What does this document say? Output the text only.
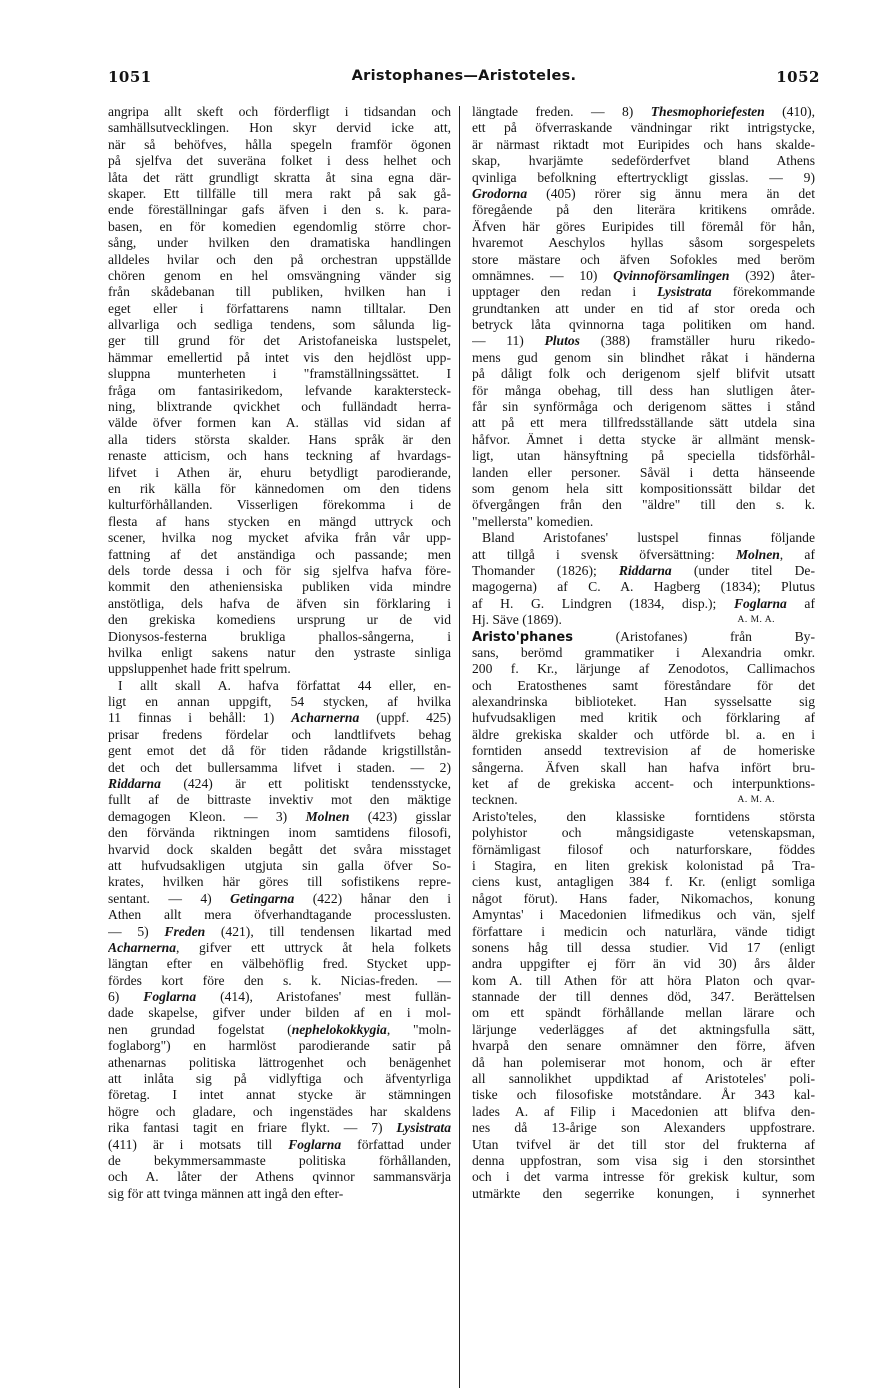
1051	Aristophanes—Aristoteles.	1052
angripa allt skeft och förderfligt i tidsandan och
samhällsutvecklingen. Hon skyr dervid icke att,
när så behöfves, hålla spegeln framför ögonen
på sjelfva det suveräna folket i dess helhet och
låta det rätt grundligt skratta åt sina egna där-
skaper. Ett tillfälle till mera rakt på sak gå-
ende föreställningar gafs äfven i den s. k. para-
basen, en för komedien egendomlig större chor-
sång, under hvilken den dramatiska handlingen
alldeles hvilar och den på orchestran uppställde
chören genom en hel omsvängning vänder sig
från skådebanan till publiken, hvilken han i
eget eller i författarens namn tilltalar. Den
allvarliga och sedliga tendens, som sålunda lig-
ger till grund för det Aristofaneiska lustspelet,
hämmar emellertid på intet vis den hejdlöst upp-
sluppna munterheten i "framställningssättet. I
fråga om fantasirikedom, lefvande karaktersteck-
ning, blixtrande qvickhet och fulländadt herra-
välde öfver formen kan A. ställas vid sidan af
alla tiders största skalder. Hans språk är den
renaste atticism, och hans teckning af hvardags-
lifvet i Athen är, ehuru betydligt parodierande,
en rik källa för kännedomen om den tidens
kulturförhållanden. Visserligen förekomma i de
flesta af hans stycken en mängd uttryck och
scener, hvilka nog mycket afvika från vår upp-
fattning af det anständiga och passande; men
dels torde dessa i och för sig sjelfva hafva före-
kommit den atheniensiska publiken vida mindre
anstötliga, dels hafva de äfven sin förklaring i
den grekiska komediens ursprung ur de vid
Dionysos-festerna brukliga phallos-sångerna, i
hvilka enligt sakens natur den ystraste sinliga
uppsluppenhet hade fritt spelrum.
I allt skall A. hafva författat 44 eller, en-
ligt en annan uppgift, 54 stycken, af hvilka
11 finnas i behåll: 1) Acharnerna (uppf. 425)
prisar fredens fördelar och landtlifvets behag
gent emot det då för tiden rådande krigstillstån-
det och det bullersamma lifvet i staden. — 2)
Riddarna (424) är ett politiskt tendensstycke,
fullt af de bittraste invektiv mot den mäktige
demagogen Kleon. — 3) Molnen (423) gisslar
den förvända riktningen inom samtidens filosofi,
hvarvid dock skalden begått det svåra misstaget
att hufvudsakligen utgjuta sin galla öfver So-
krates, hvilken här göres till sofistikens repre-
sentant. — 4) Getingarna (422) hånar den i
Athen allt mera öfverhandtagande processlusten.
— 5) Freden (421), till tendensen likartad med
Acharnerna, gifver ett uttryck åt hela folkets
längtan efter en välbehöflig fred. Stycket upp-
fördes kort före den s. k. Nicias-freden. —
6) Foglarna (414), Aristofanes' mest fullän-
dade skapelse, gifver under bilden af en i mol-
nen grundad fogelstat (nephelokokkygia, "moln-
foglaborg") en harmlöst parodierande satir på
athenarnas politiska lättrogenhet och benägenhet
att inlåta sig på vidlyftiga och äfventyrliga
företag. I intet annat stycke är stämningen
högre och gladare, och ingenstädes har skaldens
rika fantasi tagit en friare flykt. — 7) Lysistrata
(411) är i motsats till Foglarna författad under
de bekymmersammaste politiska förhållanden,
och A. låter der Athens qvinnor sammansvärja
sig för att tvinga männen att ingå den efter-
längtade freden. — 8) Thesmophoriefesten (410),
ett på öfverraskande vändningar rikt intrigstycke,
är närmast riktadt mot Euripides och hans skalde-
skap, hvarjämte sedeförderfvet bland Athens
qvinliga befolkning eftertryckligt gisslas. — 9)
Grodorna (405) rörer sig ännu mera än det
föregående på den literära kritikens område.
Äfven här göres Euripides till föremål för hån,
hvaremot Aeschylos hyllas såsom sorgespelets
store mästare och äfven Sofokles med beröm
omnämnes. — 10) Qvinnoförsamlingen (392) åter-
upptager den redan i Lysistrata förekommande
grundtanken att under en tid af stor oreda och
betryck låta qvinnorna taga politiken om hand.
— 11) Plutos (388) framställer huru rikedo-
mens gud genom sin blindhet råkat i händerna
på dåligt folk och derigenom sjelf blifvit utsatt
för många obehag, till dess han slutligen åter-
får sin synförmåga och derigenom sättes i stånd
att på ett mera tillfredsställande sätt utdela sina
håfvor. Ämnet i detta stycke är allmänt mensk-
ligt, utan hänsyftning på speciella tidsförhål-
landen eller personer. Såväl i detta hänseende
som genom hela sitt kompositionssätt bildar det
öfvergången från den "äldre" till den s. k.
"mellersta" komedien.
Bland Aristofanes' lustspel finnas följande
att tillgå i svensk öfversättning: Molnen, af
Thomander (1826); Riddarna (under titel De-
magogerna) af C. A. Hagberg (1834); Plutus
af H. G. Lindgren (1834, disp.); Foglarna af
Hj. Säve (1869).	A. M. A.
Aristo'phanes (Aristofanes) från By-
sans, berömd grammatiker i Alexandria omkr.
200 f. Kr., lärjunge af Zenodotos, Callimachos
och Eratosthenes samt föreståndare för det
alexandrinska biblioteket. Han sysselsatte sig
hufvudsakligen med kritik och förklaring af
äldre grekiska skalder och utförde bl. a. en i
forntiden ansedd textrevision af de homeriske
sångerna. Äfven skall han hafva infört bru-
ket af de grekiska accent- och interpunktions-
tecknen.	A. M. A.
Aristo'teles, den klassiske forntidens största
polyhistor och mångsidigaste vetenskapsman,
förnämligast filosof och naturforskare, föddes
i Stagira, en liten grekisk kolonistad på Tra-
ciens kust, antagligen 384 f. Kr. (enligt somliga
något förut). Hans fader, Nikomachos, konung
Amyntas' i Macedonien lifmedikus och vän, sjelf
författare i medicin och naturlära, vände tidigt
sonens håg till dessa studier. Vid 17 (enligt
andra uppgifter ej förr än vid 30) års ålder
kom A. till Athen för att höra Platon och qvar-
stannade der till dennes död, 347. Berättelsen
om ett spändt förhållande mellan lärare och
lärjunge vederlägges af det aktningsfulla sätt,
hvarpå den senare omnämner den förre, äfven
då han polemiserar mot honom, och är efter
all sannolikhet uppdiktad af Aristoteles' poli-
tiske och filosofiske motståndare. År 343 kal-
lades A. af Filip i Macedonien att blifva den-
nes då 13-årige son Alexanders uppfostrare.
Utan tvifvel är det till stor del frukterna af
denna uppfostran, som visa sig i den storsinthet
och i det varma intresse för grekisk kultur, som
utmärkte den segerrike konungen, i synnerhet
